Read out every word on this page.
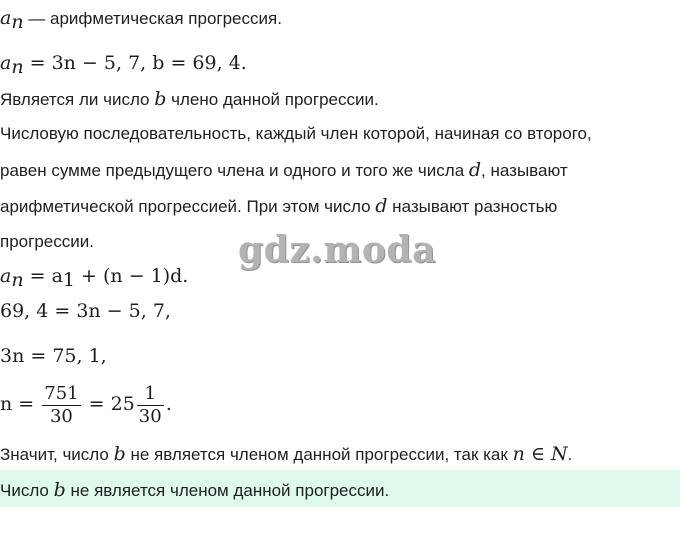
$a_n$ — арифметическая прогрессия.
$a_n = 3n - 5$, 7, b = 69, 4.
Является ли число b члено данной прогрессии.
Числовую последовательность, каждый член которой, начиная со второго,
равен сумме предыдущего члена и одного и того же числа d, называют
арифметической прогрессией. При этом число d называют разностью
прогрессии.
$a_n = a_1 + (n - 1)d$.
gdz.moda
69, 4 = 3n − 5, 7,
3n = 75, 1,
$n = \frac{751}{30} = 25 \frac{1}{30}$ .
Значит, число b не является членом данной прогрессии, так как n ∈ N.
Число b не является членом данной прогрессии.
